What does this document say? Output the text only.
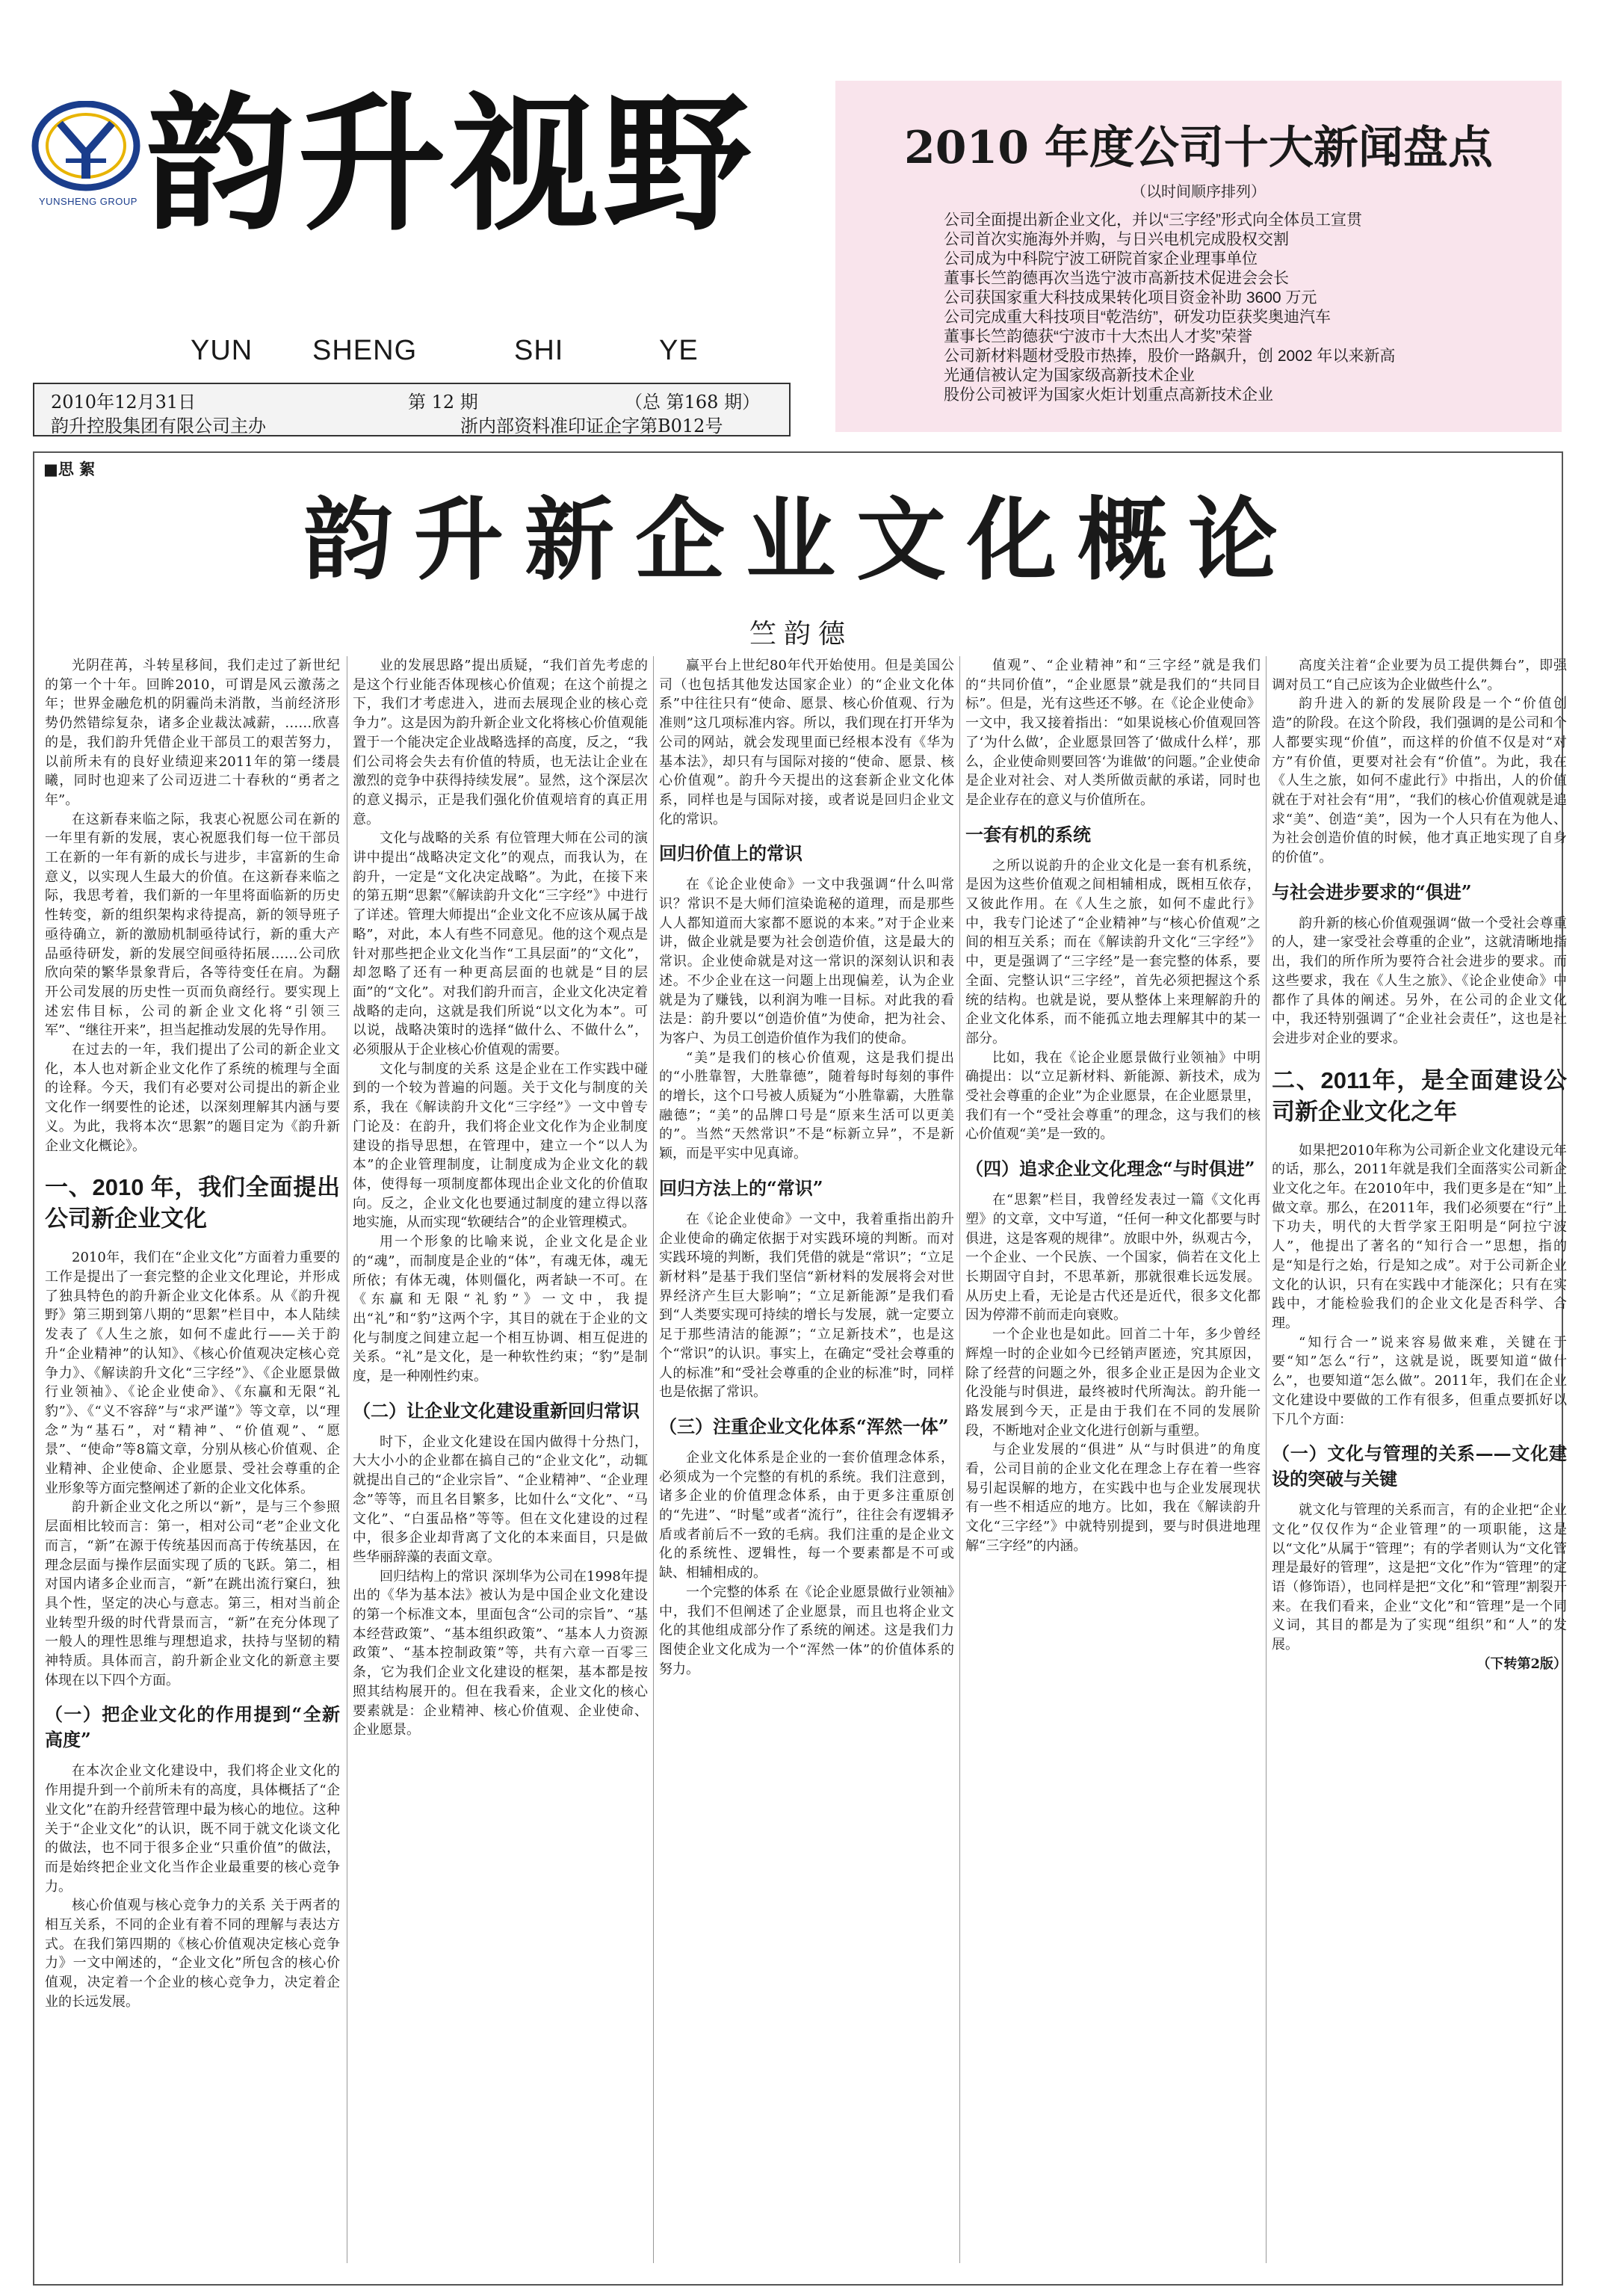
YUNSHENG GROUP 韵升视野
YUN SHENG	SHI	YE
2010年12月31日	第 12 期	（总 第168 期）
韵升控股集团有限公司主办	浙内部资料准印证企字第B012号
2010 年度公司十大新闻盘点
（以时间顺序排列）
公司全面提出新企业文化，并以“三字经”形式向全体员工宣贯
公司首次实施海外并购，与日兴电机完成股权交割
公司成为中科院宁波工研院首家企业理事单位
董事长竺韵德再次当选宁波市高新技术促进会会长
公司获国家重大科技成果转化项目资金补助 3600 万元
公司完成重大科技项目“乾浩纺”，研发功臣获奖奥迪汽车
董事长竺韵德获“宁波市十大杰出人才奖”荣誉
公司新材料题材受股市热捧，股价一路飙升，创 2002 年以来新高
光通信被认定为国家级高新技术企业
股份公司被评为国家火炬计划重点高新技术企业
■思 絮
韵升新企业文化概论
竺韵德

光阴荏苒，斗转星移间，我们走过了新世纪的第一个十年。回眸2010，可谓是风云激荡之年；世界金融危机的阴霾尚未消散，当前经济形势仍然错综复杂，诸多企业裁汰减薪，……欣喜的是，我们韵升凭借企业干部员工的艰苦努力，以前所未有的良好业绩迎来2011年的第一缕晨曦，同时也迎来了公司迈进二十春秋的“勇者之年”。

在这新春来临之际，我衷心祝愿公司在新的一年里有新的发展，衷心祝愿我们每一位干部员工在新的一年有新的成长与进步，丰富新的生命意义，以实现人生最大的价值。在这新春来临之际，我思考着，我们新的一年里将面临新的历史性转变，新的组织架构求待提高，新的领导班子亟待确立，新的激励机制亟待试行，新的重大产品亟待研发，新的发展空间亟待拓展……公司欣欣向荣的繁华景象背后，各等待变任在肩。为翻开公司发展的历史性一页而负商经行。要实现上述宏伟目标，公司的新企业文化将“引领三军”、“继往开来”，担当起推动发展的先导作用。

在过去的一年，我们提出了公司的新企业文化，本人也对新企业文化作了系统的梳理与全面的诠释。今天，我们有必要对公司提出的新企业文化作一纲要性的论述，以深刻理解其内涵与要义。为此，我将本次“思絮”的题目定为《韵升新企业文化概论》。

一、2010 年，我们全面提出公司新企业文化

2010年，我们在“企业文化”方面着力重要的工作是提出了一套完整的企业文化理论，并形成了独具特色的韵升新企业文化体系。从《韵升视野》第三期到第八期的“思絮”栏目中，本人陆续发表了《人生之旅，如何不虚此行——关于韵升“企业精神”的认知》、《核心价值观决定核心竞争力》、《解读韵升文化“三字经”》、《企业愿景做行业领袖》、《论企业使命》、《东赢和无限“礼豹”》、《“义不容辞”与“求严谨”》等文章，以“理念”为“基石”，对“精神”、“价值观”、“愿景”、“使命”等8篇文章，分别从核心价值观、企业精神、企业使命、企业愿景、受社会尊重的企业形象等方面完整阐述了新的企业文化体系。

韵升新企业文化之所以“新”，是与三个参照层面相比较而言：第一，相对公司“老”企业文化而言，“新”在源于传统基因而高于传统基因，在理念层面与操作层面实现了质的飞跃。第二，相对国内诸多企业而言，“新”在跳出流行窠臼，独具个性，坚定的决心与意志。第三，相对当前企业转型升级的时代背景而言，“新”在充分体现了一般人的理性思维与理想追求，扶持与坚韧的精神特质。具体而言，韵升新企业文化的新意主要体现在以下四个方面。

（一）把企业文化的作用提到“全新高度”

在本次企业文化建设中，我们将企业文化的作用提升到一个前所未有的高度，具体概括了“企业文化”在韵升经营管理中最为核心的地位。这种关于“企业文化”的认识，既不同于就文化谈文化的做法，也不同于很多企业“只重价值”的做法，而是始终把企业文化当作企业最重要的核心竞争力。

核心价值观与核心竞争力的关系 关于两者的相互关系，不同的企业有着不同的理解与表达方式。在我们第四期的《核心价值观决定核心竞争力》一文中阐述的，“企业文化”所包含的核心价值观，决定着一个企业的核心竞争力，决定着企业的长远发展。

业的发展思路”提出质疑，“我们首先考虑的是这个行业能否体现核心价值观；在这个前提之下，我们才考虑进入，进而去展现企业的核心竞争力”。这是因为韵升新企业文化将核心价值观能置于一个能决定企业战略选择的高度，反之，“我们公司将会失去有价值的特质，也无法让企业在激烈的竞争中获得持续发展”。显然，这个深层次的意义揭示，正是我们强化价值观培育的真正用意。

文化与战略的关系 有位管理大师在公司的演讲中提出“战略决定文化”的观点，而我认为，在韵升，一定是“文化决定战略”。为此，在接下来的第五期“思絮”《解读韵升文化“三字经”》中进行了详述。管理大师提出“企业文化不应该从属于战略”，对此，本人有些不同意见。他的这个观点是针对那些把企业文化当作“工具层面”的“文化”，却忽略了还有一种更高层面的也就是“目的层面”的“文化”。对我们韵升而言，企业文化决定着战略的走向，这就是我们所说“以文化为本”。可以说，战略决策时的选择“做什么、不做什么”，必须服从于企业核心价值观的需要。

文化与制度的关系 这是企业在工作实践中碰到的一个较为普遍的问题。关于文化与制度的关系，我在《解读韵升文化“三字经”》一文中曾专门论及：在韵升，我们将企业文化作为企业制度建设的指导思想，在管理中，建立一个“以人为本”的企业管理制度，让制度成为企业文化的载体，使得每一项制度都体现出企业文化的价值取向。反之，企业文化也要通过制度的建立得以落地实施，从而实现“软硬结合”的企业管理模式。

用一个形象的比喻来说，企业文化是企业的“魂”，而制度是企业的“体”，有魂无体，魂无所依；有体无魂，体则僵化，两者缺一不可。在《东赢和无限“礼豹”》一文中，我提出“礼”和“豹”这两个字，其目的就在于企业的文化与制度之间建立起一个相互协调、相互促进的关系。“礼”是文化，是一种软性约束；“豹”是制度，是一种刚性约束。

（二）让企业文化建设重新回归常识

时下，企业文化建设在国内做得十分热门，大大小小的企业都在搞自己的“企业文化”，动辄就提出自己的“企业宗旨”、“企业精神”、“企业理念”等等，而且名目繁多，比如什么“文化”、“马文化”、“白蛋品格”等等。但在文化建设的过程中，很多企业却背离了文化的本来面目，只是做些华丽辞藻的表面文章。

回归结构上的常识 深圳华为公司在1998年提出的《华为基本法》被认为是中国企业文化建设的第一个标准文本，里面包含“公司的宗旨”、“基本经营政策”、“基本组织政策”、“基本人力资源政策”、“基本控制政策”等，共有六章一百零三条，它为我们企业文化建设的框架，基本都是按照其结构展开的。但在我看来，企业文化的核心要素就是：企业精神、核心价值观、企业使命、企业愿景。

赢平台上世纪80年代开始使用。但是美国公司（也包括其他发达国家企业）的“企业文化体系”中往往只有“使命、愿景、核心价值观、行为准则”这几项标准内容。所以，我们现在打开华为公司的网站，就会发现里面已经根本没有《华为基本法》，却只有与国际对接的“使命、愿景、核心价值观”。韵升今天提出的这套新企业文化体系，同样也是与国际对接，或者说是回归企业文化的常识。

回归价值上的常识

在《论企业使命》一文中我强调“什么叫常识？常识不是大师们渲染诡秘的道理，而是那些人人都知道而大家都不愿说的本来。”对于企业来讲，做企业就是要为社会创造价值，这是最大的常识。企业使命就是对这一常识的深刻认识和表述。不少企业在这一问题上出现偏差，认为企业就是为了赚钱，以利润为唯一目标。对此我的看法是：韵升要以“创造价值”为使命，把为社会、为客户、为员工创造价值作为我们的使命。

“美”是我们的核心价值观，这是我们提出的“小胜靠智，大胜靠德”，随着每时每刻的事件的增长，这个口号被人质疑为“小胜靠霸，大胜靠融德”；“美”的品牌口号是“原来生活可以更美的”。当然“天然常识”不是“标新立异”，不是新颖，而是平实中见真谛。

回归方法上的“常识”

在《论企业使命》一文中，我着重指出韵升企业使命的确定依据于对实践环境的判断。而对实践环境的判断，我们凭借的就是“常识”；“立足新材料”是基于我们坚信“新材料的发展将会对世界经济产生巨大影响”；“立足新能源”是我们看到“人类要实现可持续的增长与发展，就一定要立足于那些清洁的能源”；“立足新技术”，也是这个“常识”的认识。事实上，在确定“受社会尊重的人的标准”和“受社会尊重的企业的标准”时，同样也是依据了常识。

（三）注重企业文化体系“浑然一体”

企业文化体系是企业的一套价值理念体系，必须成为一个完整的有机的系统。我们注意到，诸多企业的价值理念体系，由于更多注重原创的“先进”、“时髦”或者“流行”，往往会有逻辑矛盾或者前后不一致的毛病。我们注重的是企业文化的系统性、逻辑性，每一个要素都是不可或缺、相辅相成的。

一个完整的体系 在《论企业愿景做行业领袖》中，我们不但阐述了企业愿景，而且也将企业文化的其他组成部分作了系统的阐述。这是我们力图使企业文化成为一个“浑然一体”的价值体系的努力。

值观”、“企业精神”和“三字经”就是我们的“共同价值”，“企业愿景”就是我们的“共同目标”。但是，光有这些还不够。在《论企业使命》一文中，我又接着指出：“如果说核心价值观回答了‘为什么做’，企业愿景回答了‘做成什么样’，那么，企业使命则要回答‘为谁做’的问题。”企业使命是企业对社会、对人类所做贡献的承诺，同时也是企业存在的意义与价值所在。

一套有机的系统

之所以说韵升的企业文化是一套有机系统，是因为这些价值观之间相辅相成，既相互依存，又彼此作用。在《人生之旅，如何不虚此行》中，我专门论述了“企业精神”与“核心价值观”之间的相互关系；而在《解读韵升文化“三字经”》中，更是强调了“三字经”是一套完整的体系，要全面、完整认识“三字经”，首先必须把握这个系统的结构。也就是说，要从整体上来理解韵升的企业文化体系，而不能孤立地去理解其中的某一部分。

比如，我在《论企业愿景做行业领袖》中明确提出：以“立足新材料、新能源、新技术，成为受社会尊重的企业”为企业愿景，在企业愿景里，我们有一个“受社会尊重”的理念，这与我们的核心价值观“美”是一致的。

（四）追求企业文化理念“与时俱进”

在“思絮”栏目，我曾经发表过一篇《文化再塑》的文章，文中写道，“任何一种文化都要与时俱进，这是客观的规律”。放眼中外，纵观古今，一个企业、一个民族、一个国家，倘若在文化上长期固守自封，不思革新，那就很难长远发展。从历史上看，无论是古代还是近代，很多文化都因为停滞不前而走向衰败。

一个企业也是如此。回首二十年，多少曾经辉煌一时的企业如今已经销声匿迹，究其原因，除了经营的问题之外，很多企业正是因为企业文化没能与时俱进，最终被时代所淘汰。韵升能一路发展到今天，正是由于我们在不同的发展阶段，不断地对企业文化进行创新与重塑。

与企业发展的“俱进” 从“与时俱进”的角度看，公司目前的企业文化在理念上存在着一些容易引起误解的地方，在实践中也与企业发展现状有一些不相适应的地方。比如，我在《解读韵升文化“三字经”》中就特别提到，要与时俱进地理解“三字经”的内涵。

高度关注着“企业要为员工提供舞台”，即强调对员工“自己应该为企业做些什么”。

韵升进入的新的发展阶段是一个“价值创造”的阶段。在这个阶段，我们强调的是公司和个人都要实现“价值”，而这样的价值不仅是对“对方”有价值，更要对社会有“价值”。为此，我在《人生之旅，如何不虚此行》中指出，人的价值就在于对社会有“用”，“我们的核心价值观就是追求“美”、创造“美”，因为一个人只有在为他人、为社会创造价值的时候，他才真正地实现了自身的价值”。

与社会进步要求的“俱进”

韵升新的核心价值观强调“做一个受社会尊重的人，建一家受社会尊重的企业”，这就清晰地指出，我们的所作所为要符合社会进步的要求。而这些要求，我在《人生之旅》、《论企业使命》中都作了具体的阐述。另外，在公司的企业文化中，我还特别强调了“企业社会责任”，这也是社会进步对企业的要求。

二、2011年，是全面建设公司新企业文化之年

如果把2010年称为公司新企业文化建设元年的话，那么，2011年就是我们全面落实公司新企业文化之年。在2010年中，我们更多是在“知”上做文章。那么，在2011年，我们必须要在“行”上下功夫，明代的大哲学家王阳明是“阿拉宁波人”，他提出了著名的“知行合一”思想，指的是“知是行之始，行是知之成”。对于公司新企业文化的认识，只有在实践中才能深化；只有在实践中，才能检验我们的企业文化是否科学、合理。

“知行合一”说来容易做来难，关键在于要“知”怎么“行”，这就是说，既要知道“做什么”，也要知道“怎么做”。2011年，我们在企业文化建设中要做的工作有很多，但重点要抓好以下几个方面：

（一）文化与管理的关系——文化建设的突破与关键

就文化与管理的关系而言，有的企业把“企业文化”仅仅作为“企业管理”的一项职能，这是以“文化”从属于“管理”；有的学者则认为“文化管理是最好的管理”，这是把“文化”作为“管理”的定语（修饰语），也同样是把“文化”和“管理”割裂开来。在我们看来，企业“文化”和“管理”是一个同义词，其目的都是为了实现“组织”和“人”的发展。

（下转第2版）
